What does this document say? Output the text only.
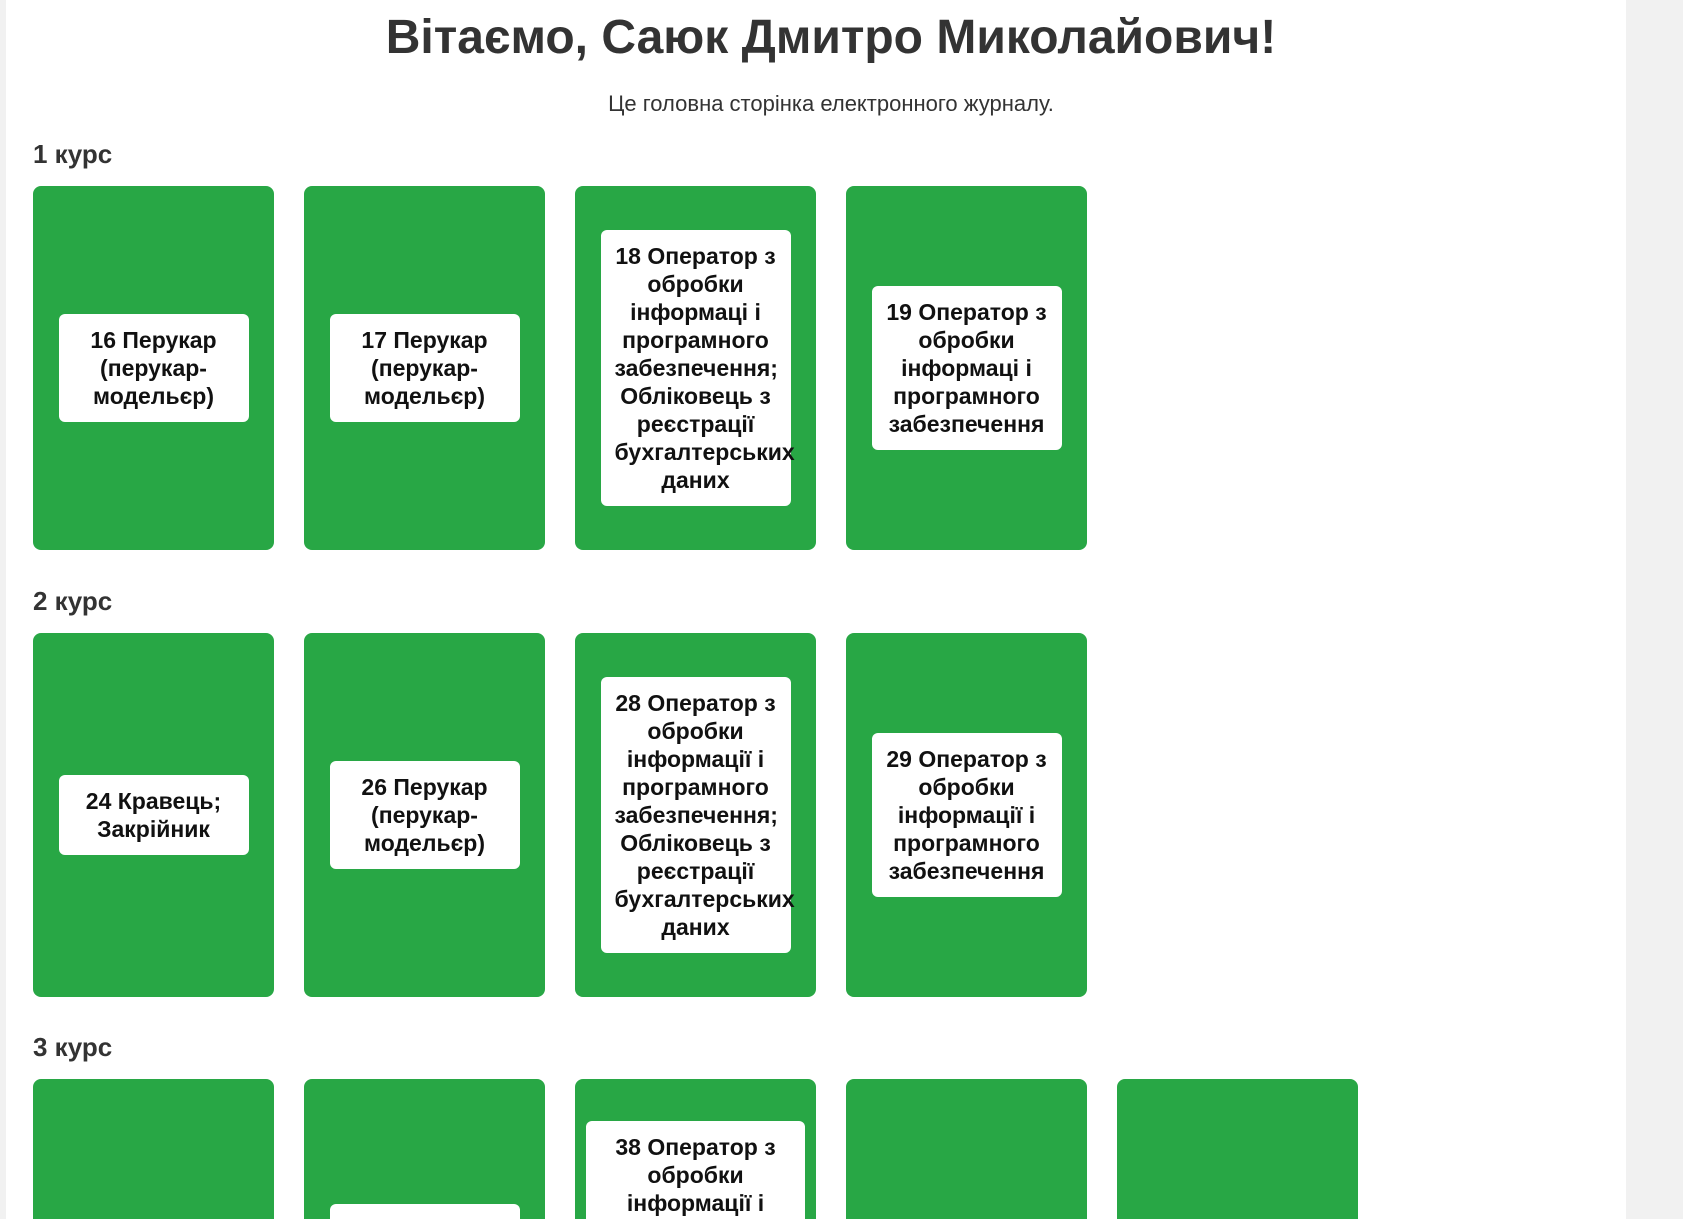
Вітаємо, Саюк Дмитро Миколайович!

Це головна сторінка електронного журналу.

1 курс
16 Перукар (перукар-модельєр)
17 Перукар (перукар-модельєр)
18 Оператор з обробки інформаці і програмного забезпечення; Обліковець з реєстрації бухгалтерських даних
19 Оператор з обробки інформаці і програмного забезпечення
2 курс
24 Кравець; Закрійник
26 Перукар (перукар-модельєр)
28 Оператор з обробки інформації і програмного забезпечення; Обліковець з реєстрації бухгалтерських даних
29 Оператор з обробки інформації і програмного забезпечення
3 курс
38 Оператор з обробки інформації і
